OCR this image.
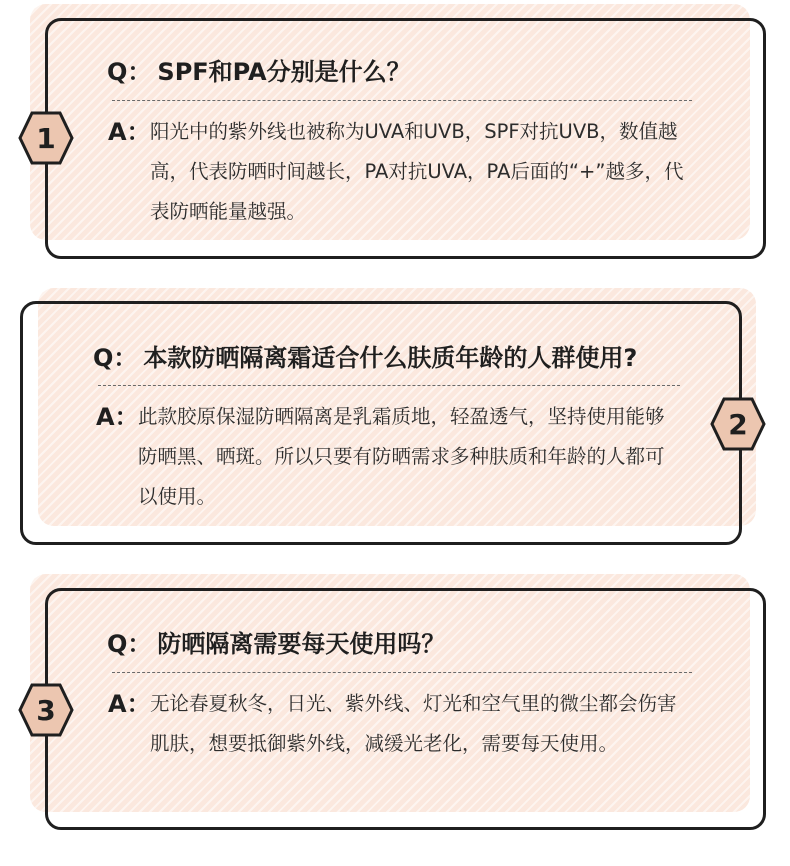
Q： SPF和PA分别是什么？
A： 阳光中的紫外线也被称为UVA和UVB，SPF对抗UVB，数值越高，代表防晒时间越长，PA对抗UVA，PA后面的“+”越多，代表防晒能量越强。
1
Q： 本款防晒隔离霜适合什么肤质年龄的人群使用?
A： 此款胶原保湿防晒隔离是乳霜质地，轻盈透气，坚持使用能够防晒黑、晒斑。所以只要有防晒需求多种肤质和年龄的人都可以使用。
2
Q： 防晒隔离需要每天使用吗？
A： 无论春夏秋冬，日光、紫外线、灯光和空气里的微尘都会伤害肌肤，想要抵御紫外线，减缓光老化，需要每天使用。
3
